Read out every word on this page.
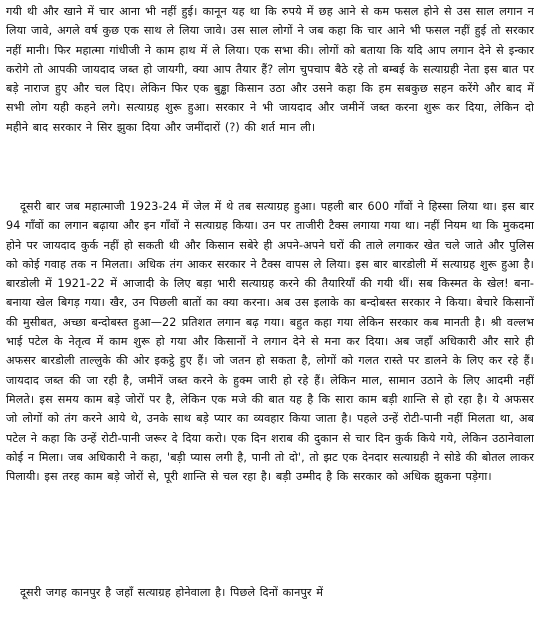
गयी थी और खाने में चार आना भी नहीं हुई। कानून यह था कि रुपये में छह आने से कम फसल होने से उस साल लगान न लिया जावे, अगले वर्ष कुछ एक साथ ले लिया जावे। उस साल लोगों ने जब कहा कि चार आने भी फसल नहीं हुई तो सरकार नहीं मानी। फिर महात्मा गांधीजी ने काम हाथ में ले लिया। एक सभा की। लोगों को बताया कि यदि आप लगान देने से इन्कार करोगे तो आपकी जायदाद जब्त हो जायगी, क्या आप तैयार हैं? लोग चुपचाप बैठे रहे तो बम्बई के सत्याग्रही नेता इस बात पर बड़े नाराज हुए और चल दिए। लेकिन फिर एक बुड्ढा किसान उठा और उसने कहा कि हम सबकुछ सहन करेंगे और बाद में सभी लोग यही कहने लगे। सत्याग्रह शुरू हुआ। सरकार ने भी जायदाद और जमीनें जब्त करना शुरू कर दिया, लेकिन दो महीने बाद सरकार ने सिर झुका दिया और जमींदारों (?) की शर्त मान ली।

दूसरी बार जब महात्माजी 1923-24 में जेल में थे तब सत्याग्रह हुआ। पहली बार 600 गाँवों ने हिस्सा लिया था। इस बार 94 गाँवों का लगान बढ़ाया और इन गाँवों ने सत्याग्रह किया। उन पर ताजीरी टैक्स लगाया गया था। नहीं नियम था कि मुकदमा होने पर जायदाद कुर्क नहीं हो सकती थी और किसान सबेरे ही अपने-अपने घरों की ताले लगाकर खेत चले जाते और पुलिस को कोई गवाह तक न मिलता। अधिक तंग आकर सरकार ने टैक्स वापस ले लिया। इस बार बारडोली में सत्याग्रह शुरू हुआ है। बारडोली में 1921-22 में आजादी के लिए बड़ा भारी सत्याग्रह करने की तैयारियाँ की गयी थीं। सब किस्मत के खेल! बना-बनाया खेल बिगड़ गया। खैर, उन पिछली बातों का क्या करना। अब उस इलाके का बन्दोबस्त सरकार ने किया। बेचारे किसानों की मुसीबत, अच्छा बन्दोबस्त हुआ—22 प्रतिशत लगान बढ़ गया। बहुत कहा गया लेकिन सरकार कब मानती है। श्री वल्लभ भाई पटेल के नेतृत्व में काम शुरू हो गया और किसानों ने लगान देने से मना कर दिया। अब जहाँ अधिकारी और सारे ही अफसर बारडोली ताल्लुके की ओर इकट्ठे हुए हैं। जो जतन हो सकता है, लोगों को गलत रास्ते पर डालने के लिए कर रहे हैं। जायदाद जब्त की जा रही है, जमीनें जब्त करने के हुक्म जारी हो रहे हैं। लेकिन माल, सामान उठाने के लिए आदमी नहीं मिलते। इस समय काम बड़े जोरों पर है, लेकिन एक मजे की बात यह है कि सारा काम बड़ी शान्ति से हो रहा है। ये अफसर जो लोगों को तंग करने आये थे, उनके साथ बड़े प्यार का व्यवहार किया जाता है। पहले उन्हें रोटी-पानी नहीं मिलता था, अब पटेल ने कहा कि उन्हें रोटी-पानी जरूर दे दिया करो। एक दिन शराब की दुकान से चार दिन कुर्क किये गये, लेकिन उठानेवाला कोई न मिला। जब अधिकारी ने कहा, 'बड़ी प्यास लगी है, पानी तो दो', तो झट एक देनदार सत्याग्रही ने सोडे की बोतल लाकर पिलायी। इस तरह काम बड़े जोरों से, पूरी शान्ति से चल रहा है। बड़ी उम्मीद है कि सरकार को अधिक झुकना पड़ेगा।

दूसरी जगह कानपुर है जहाँ सत्याग्रह होनेवाला है। पिछले दिनों कानपुर में
